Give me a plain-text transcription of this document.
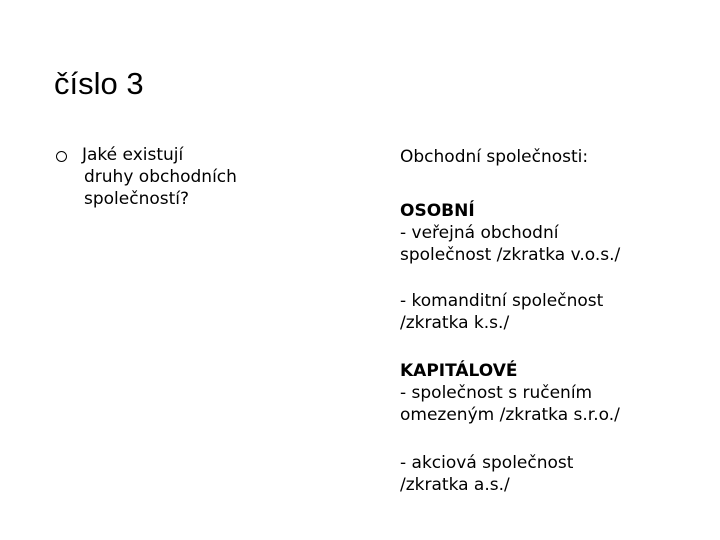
číslo 3
Jaké existují
druhy obchodních
společností?
Obchodní společnosti:
OSOBNÍ
- veřejná obchodní
společnost /zkratka v.o.s./
- komanditní společnost
/zkratka k.s./
KAPITÁLOVÉ
- společnost s ručením
omezeným /zkratka s.r.o./
- akciová společnost
/zkratka a.s./
